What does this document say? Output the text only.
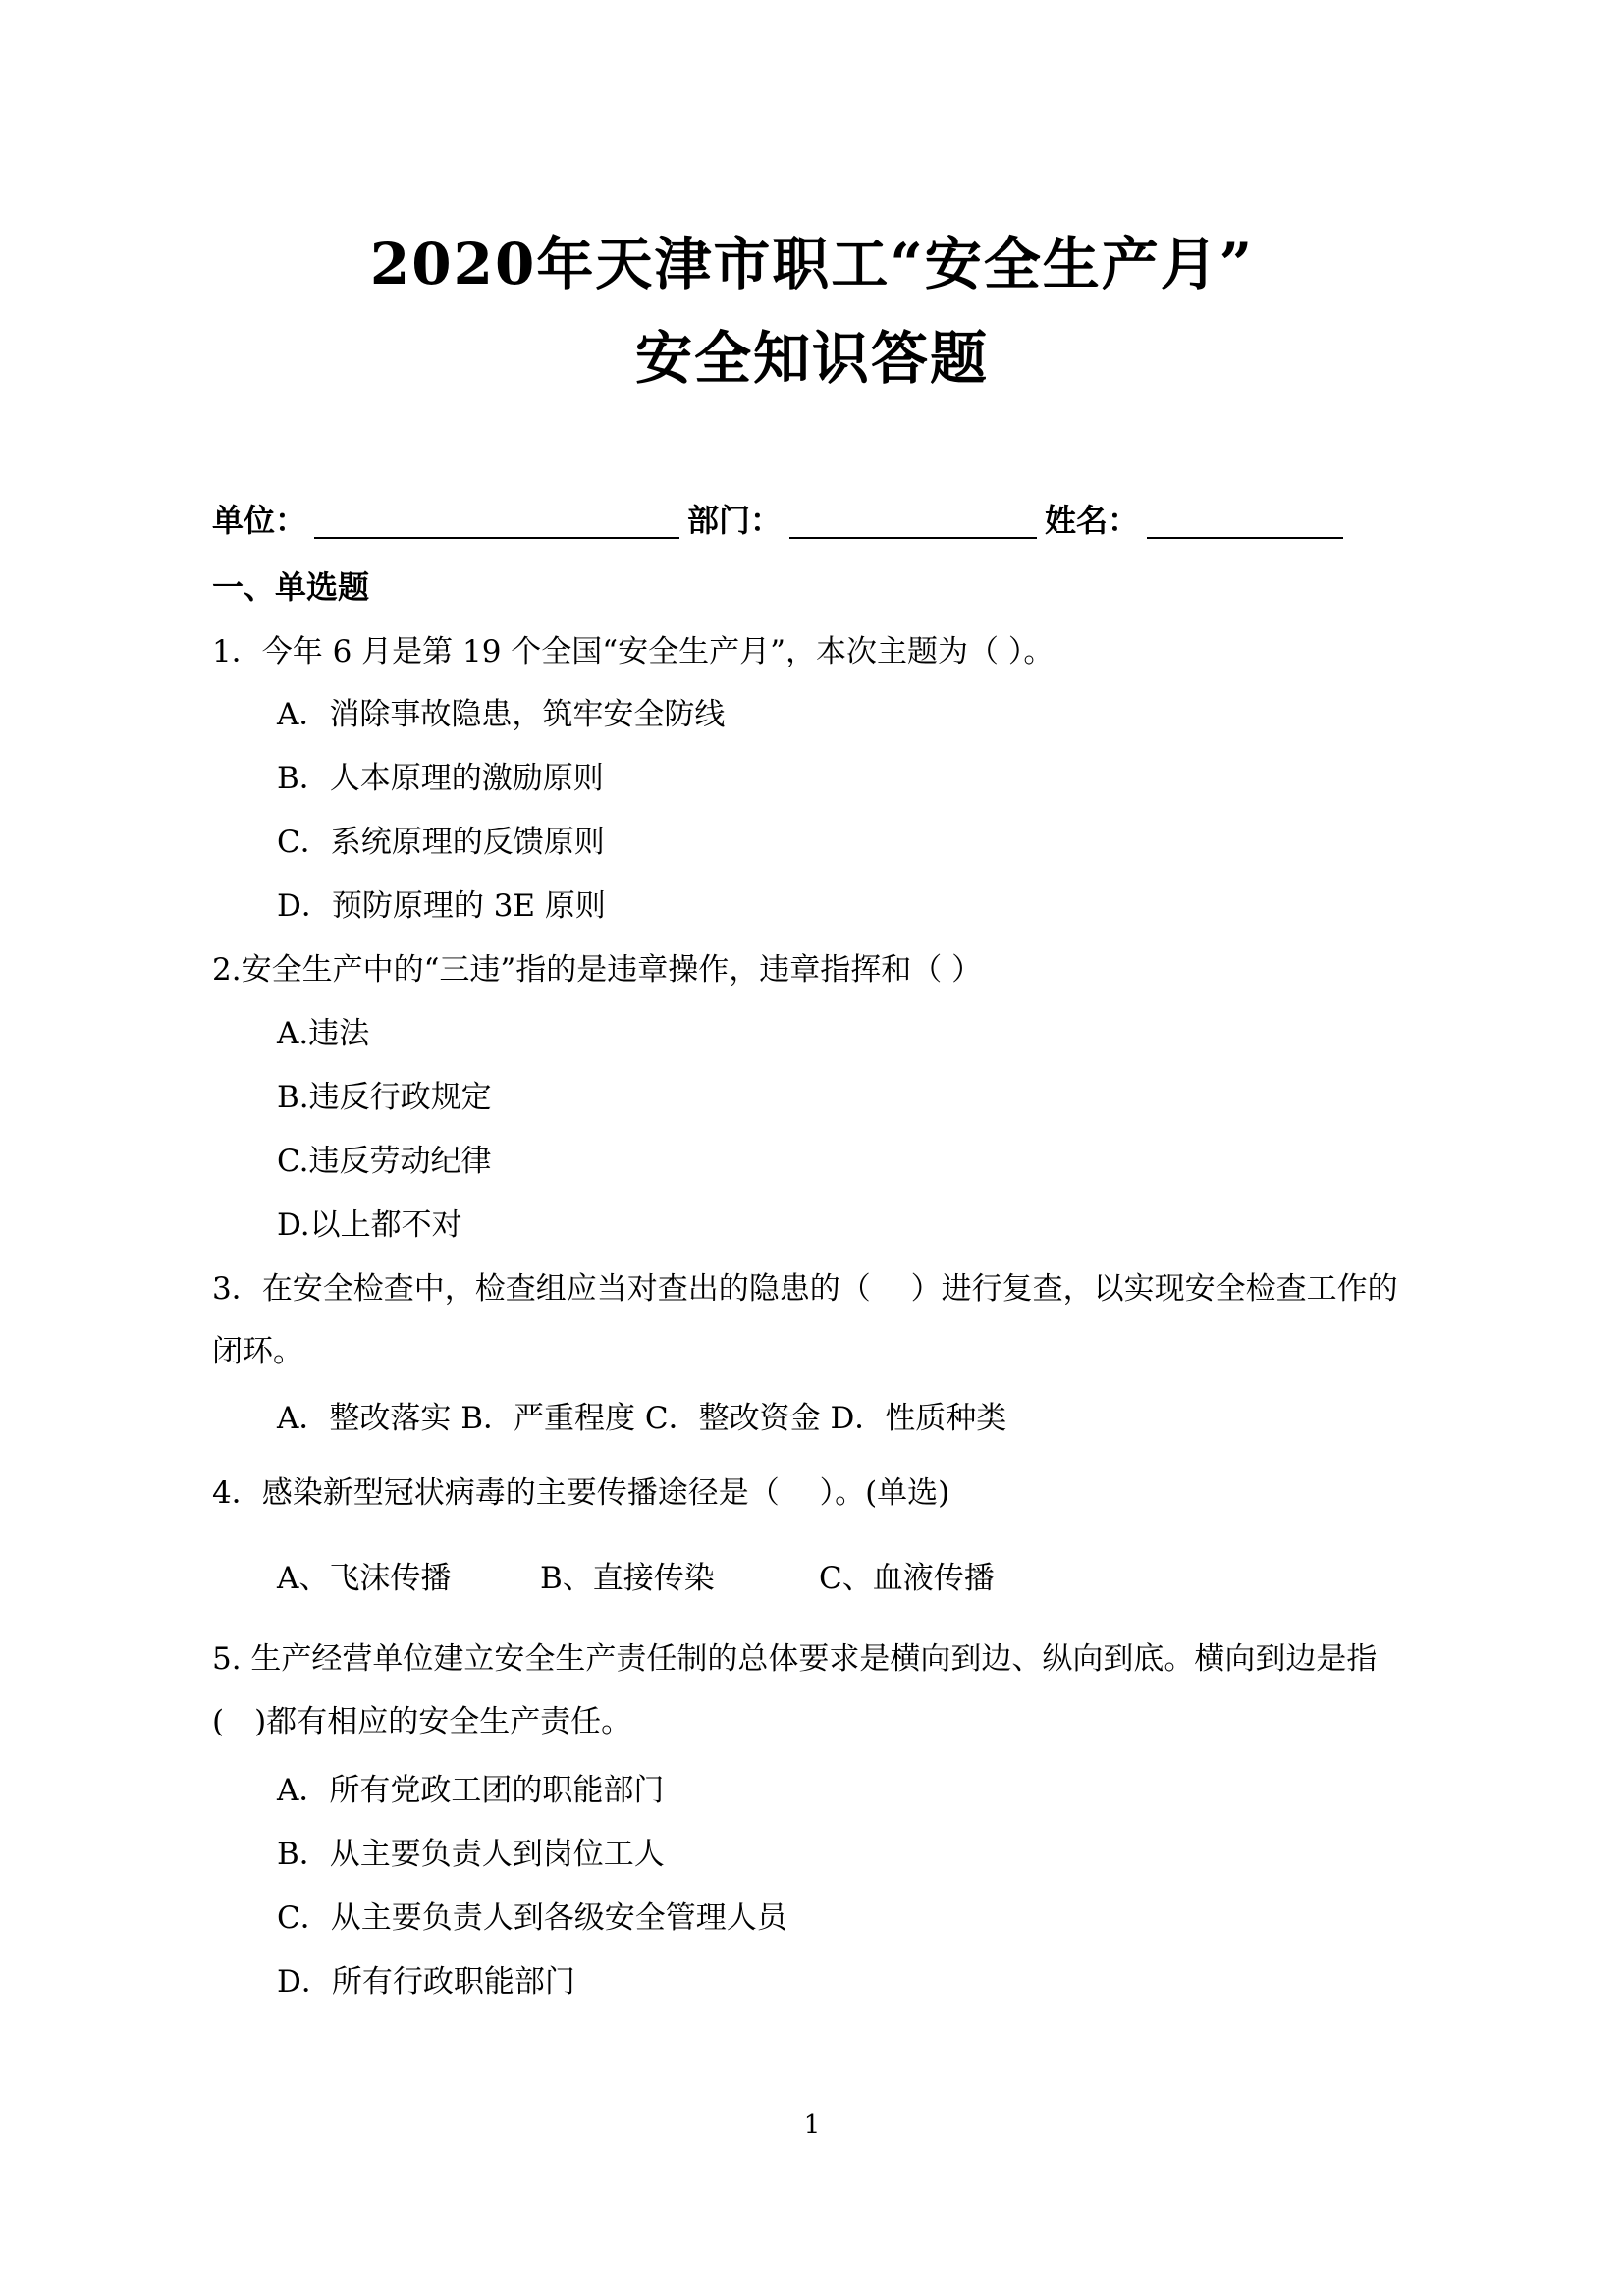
2020年天津市职工“安全生产月”
安全知识答题
单位：	部门：	姓名：
一、单选题
1．今年 6 月是第 19 个全国“安全生产月”，本次主题为（ ）。
A．消除事故隐患，筑牢安全防线
B．人本原理的激励原则
C．系统原理的反馈原则
D．预防原理的 3E 原则
2.安全生产中的“三违”指的是违章操作，违章指挥和（ ）
A.违法
B.违反行政规定
C.违反劳动纪律
D.以上都不对
3．在安全检查中，检查组应当对查出的隐患的（　 ）进行复查，以实现安全检查工作的闭环。
A．整改落实 B．严重程度 C．整改资金 D．性质种类
4．感染新型冠状病毒的主要传播途径是（　 ）。(单选)
A、飞沫传播	B、直接传染	C、血液传播
5. 生产经营单位建立安全生产责任制的总体要求是横向到边、纵向到底。横向到边是指(　)都有相应的安全生产责任。
A．所有党政工团的职能部门
B．从主要负责人到岗位工人
C．从主要负责人到各级安全管理人员
D．所有行政职能部门
1
